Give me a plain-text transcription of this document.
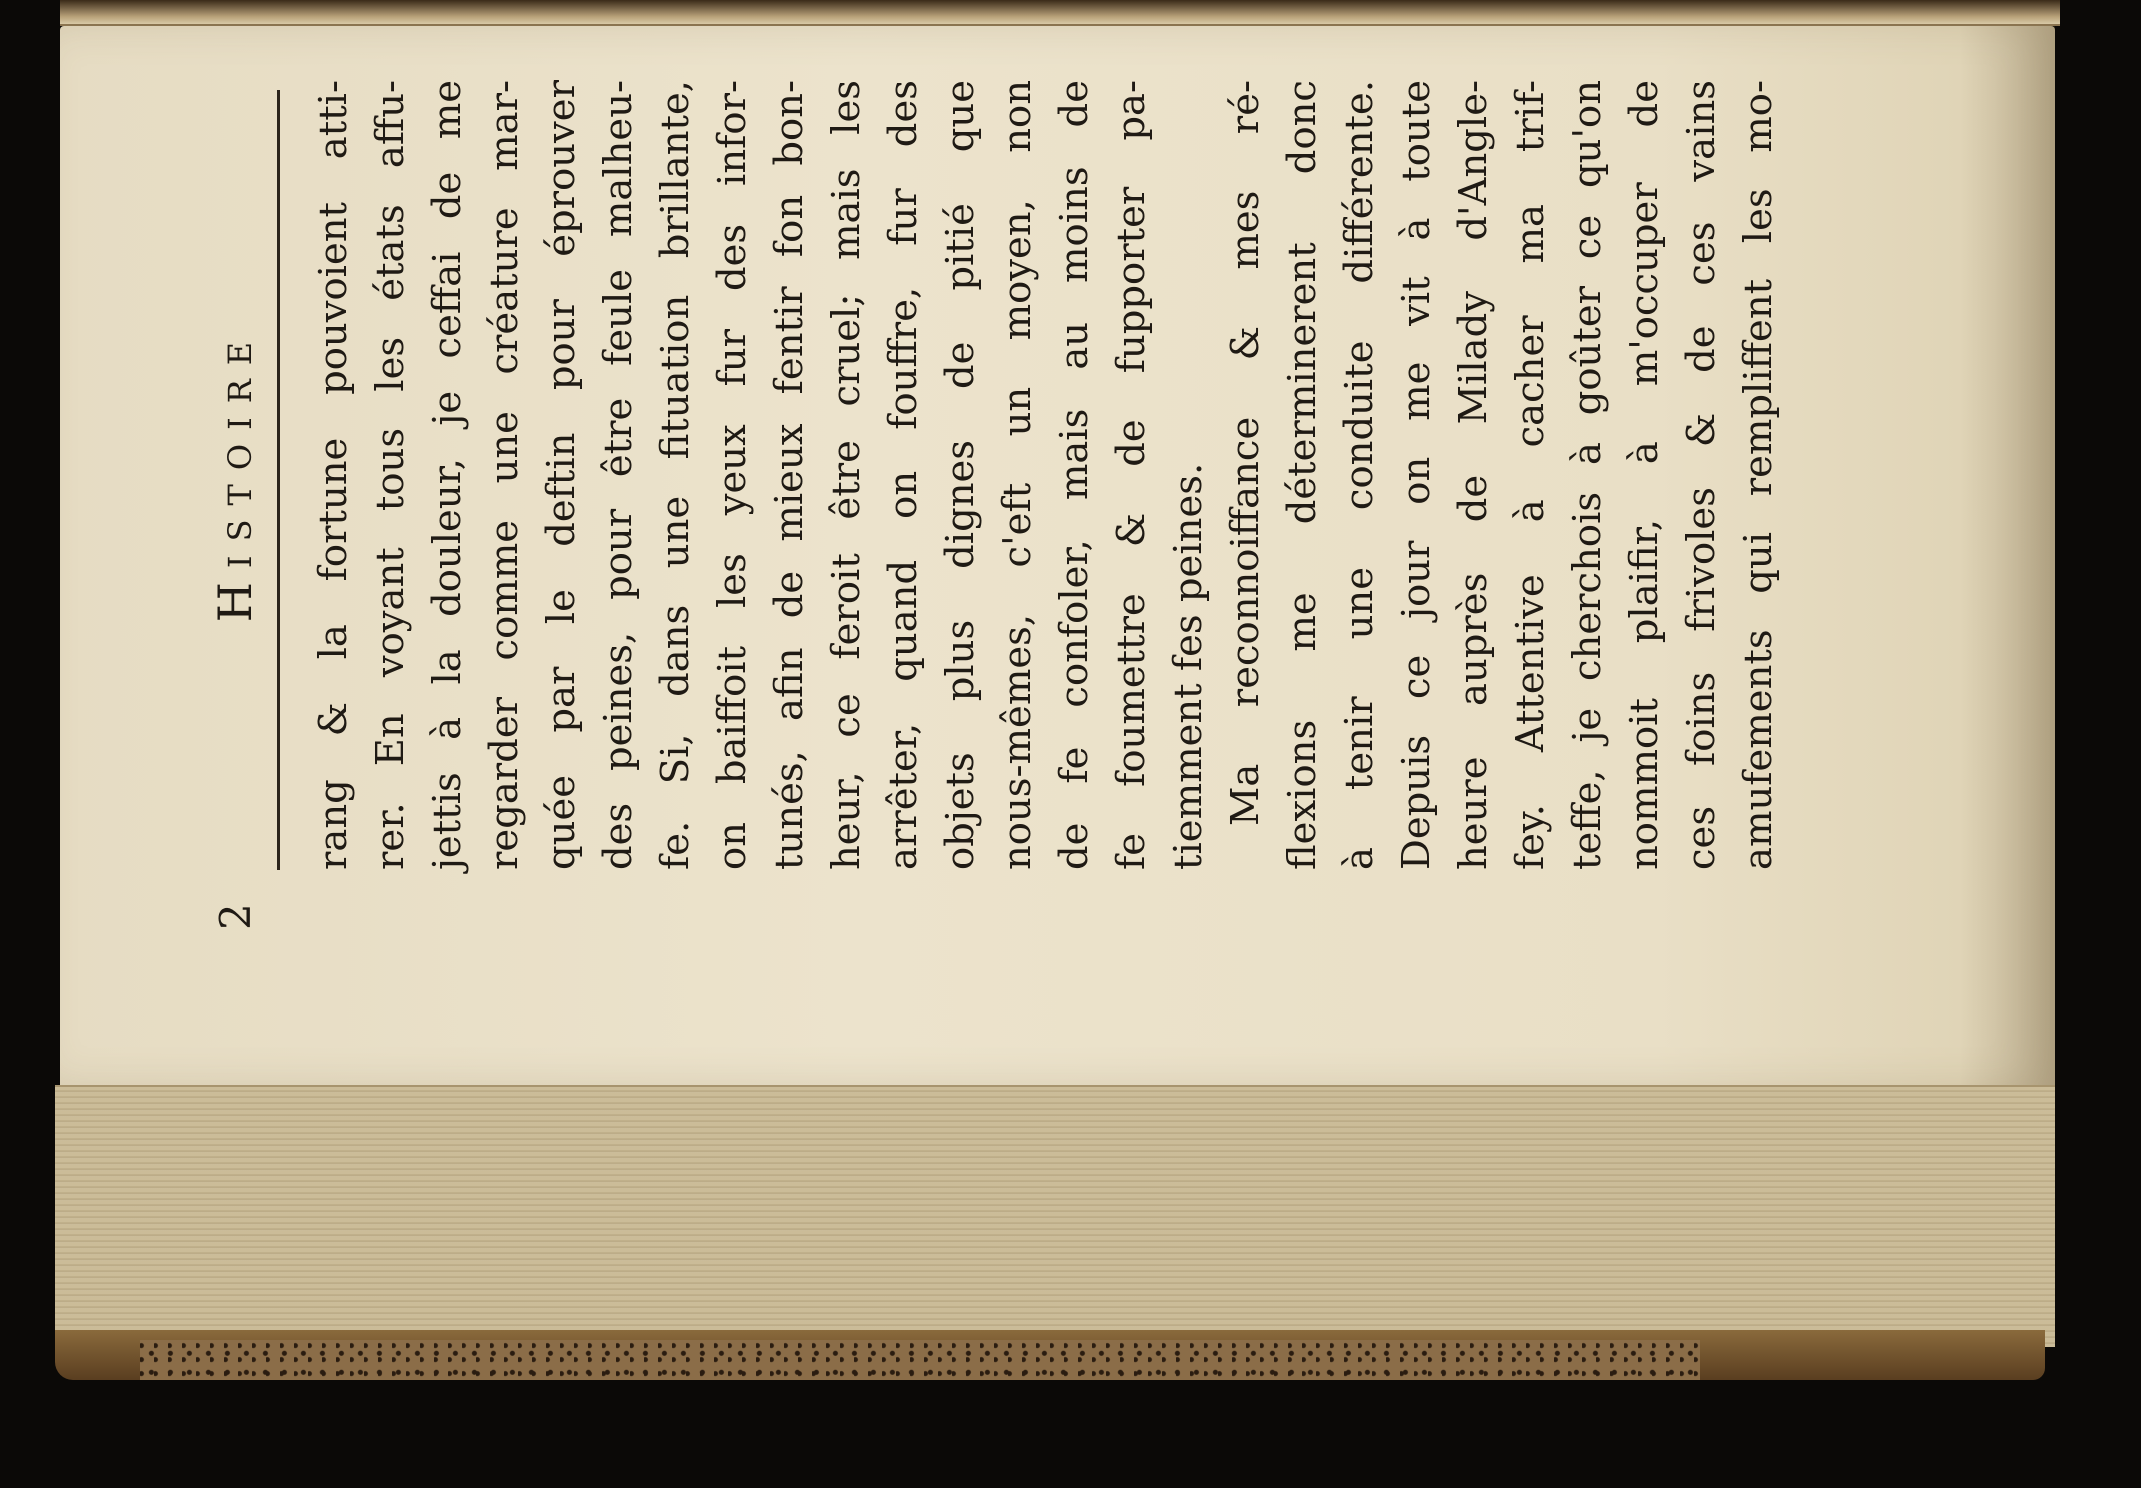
2
Histoire rang & la fortune pouvoient atti- rer. En voyant tous les états affu- jettis à la douleur, je ceffai de me regarder comme une créature mar- quée par le deftin pour éprouver des peines, pour être feule malheu- fe. Si, dans une fituation brillante, on baiffoit les yeux fur des infor- tunés, afin de mieux fentir fon bon- heur, ce feroit être cruel; mais les arrêter, quand on fouffre, fur des objets plus dignes de pitié que nous-mêmes, c'eft un moyen, non de fe confoler, mais au moins de fe foumettre & de fupporter pa- tiemment fes peines. Ma reconnoiffance & mes ré- flexions me déterminerent donc à tenir une conduite différente. Depuis ce jour on me vit à toute heure auprès de Milady d'Angle- fey. Attentive à cacher ma trif- teffe, je cherchois à goûter ce qu'on nommoit plaifir, à m'occuper de ces foins frivoles & de ces vains amufements qui rempliffent les mo-
